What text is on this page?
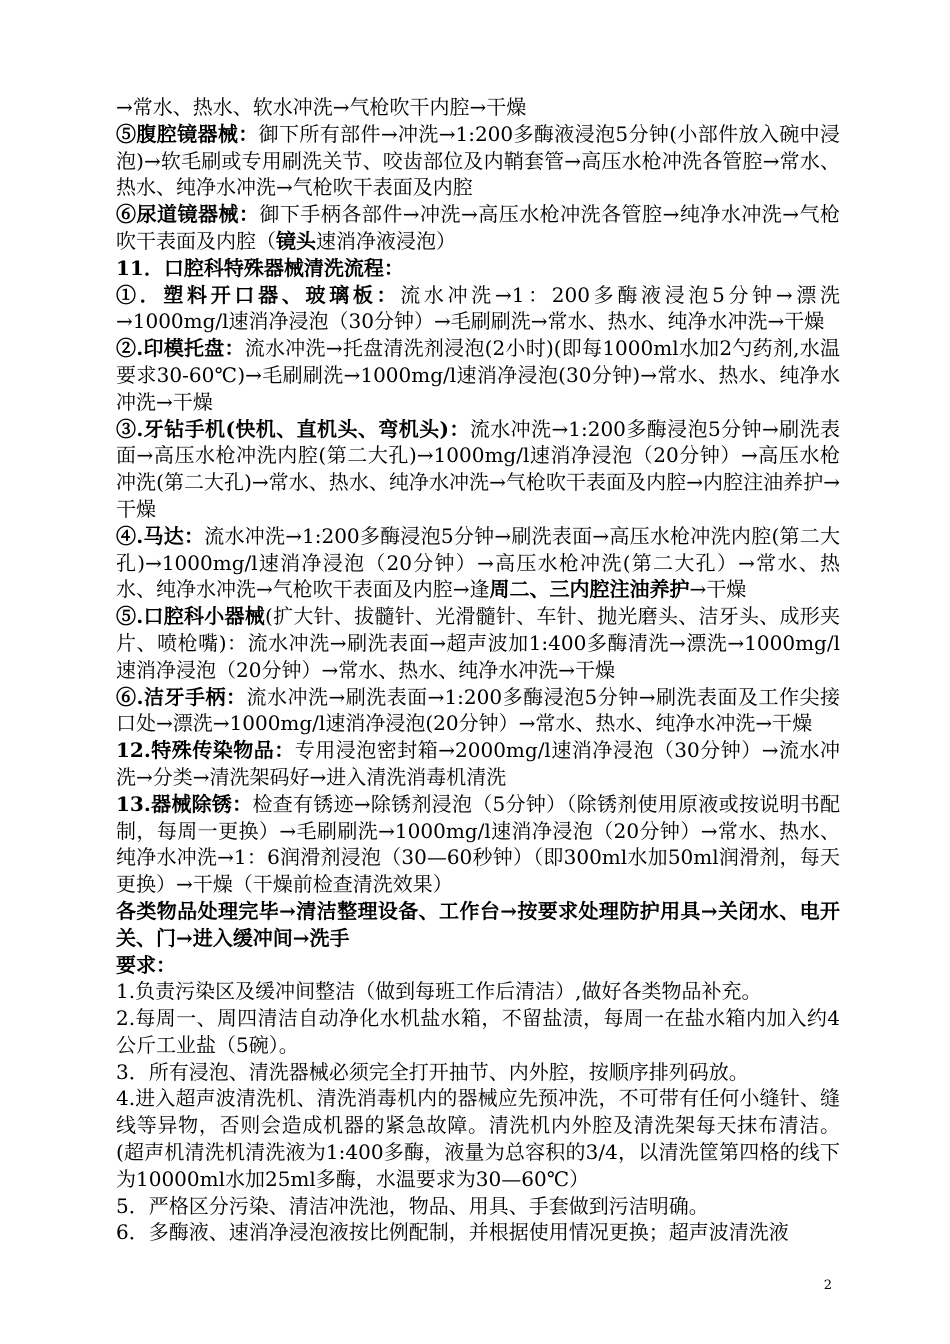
→常水、热水、软水冲洗→气枪吹干内腔→干燥

⑤腹腔镜器械：御下所有部件→冲洗→1:200多酶液浸泡5分钟(小部件放入碗中浸泡)→软毛刷或专用刷洗关节、咬齿部位及内鞘套管→高压水枪冲洗各管腔→常水、热水、纯净水冲洗→气枪吹干表面及内腔

⑥尿道镜器械：御下手柄各部件→冲洗→高压水枪冲洗各管腔→纯净水冲洗→气枪吹干表面及内腔（镜头速消净液浸泡）

11．口腔科特殊器械清洗流程：

①．塑料开口器、玻璃板：流水冲洗→1：200多酶液浸泡5分钟→漂洗→1000mg/l速消净浸泡（30分钟）→毛刷刷洗→常水、热水、纯净水冲洗→干燥

②.印模托盘：流水冲洗→托盘清洗剂浸泡(2小时)(即每1000ml水加2勺药剂,水温要求30-60℃)→毛刷刷洗→1000mg/l速消净浸泡(30分钟)→常水、热水、纯净水冲洗→干燥

③.牙钻手机(快机、直机头、弯机头)：流水冲洗→1:200多酶浸泡5分钟→刷洗表面→高压水枪冲洗内腔(第二大孔)→1000mg/l速消净浸泡（20分钟）→高压水枪冲洗(第二大孔)→常水、热水、纯净水冲洗→气枪吹干表面及内腔→内腔注油养护→干燥

④.马达：流水冲洗→1:200多酶浸泡5分钟→刷洗表面→高压水枪冲洗内腔(第二大孔)→1000mg/l速消净浸泡（20分钟）→高压水枪冲洗(第二大孔）→常水、热水、纯净水冲洗→气枪吹干表面及内腔→逢周二、三内腔注油养护→干燥

⑤.口腔科小器械(扩大针、拔髓针、光滑髓针、车针、抛光磨头、洁牙头、成形夹片、喷枪嘴)：流水冲洗→刷洗表面→超声波加1:400多酶清洗→漂洗→1000mg/l速消净浸泡（20分钟）→常水、热水、纯净水冲洗→干燥

⑥.洁牙手柄：流水冲洗→刷洗表面→1:200多酶浸泡5分钟→刷洗表面及工作尖接口处→漂洗→1000mg/l速消净浸泡(20分钟）→常水、热水、纯净水冲洗→干燥

12.特殊传染物品：专用浸泡密封箱→2000mg/l速消净浸泡（30分钟）→流水冲洗→分类→清洗架码好→进入清洗消毒机清洗

13.器械除锈：检查有锈迹→除锈剂浸泡（5分钟）（除锈剂使用原液或按说明书配制，每周一更换）→毛刷刷洗→1000mg/l速消净浸泡（20分钟）→常水、热水、纯净水冲洗→1：6润滑剂浸泡（30—60秒钟）（即300ml水加50ml润滑剂，每天更换）→干燥（干燥前检查清洗效果）

各类物品处理完毕→清洁整理设备、工作台→按要求处理防护用具→关闭水、电开关、门→进入缓冲间→洗手

要求：

1.负责污染区及缓冲间整洁（做到每班工作后清洁）,做好各类物品补充。

2.每周一、周四清洁自动净化水机盐水箱，不留盐渍，每周一在盐水箱内加入约4公斤工业盐（5碗）。

3．所有浸泡、清洗器械必须完全打开抽节、内外腔，按顺序排列码放。

4.进入超声波清洗机、清洗消毒机内的器械应先预冲洗，不可带有任何小缝针、缝线等异物，否则会造成机器的紧急故障。清洗机内外腔及清洗架每天抹布清洁。(超声机清洗机清洗液为1:400多酶，液量为总容积的3/4，以清洗筐第四格的线下为10000ml水加25ml多酶，水温要求为30—60℃）

5．严格区分污染、清洁冲洗池，物品、用具、手套做到污洁明确。

6．多酶液、速消净浸泡液按比例配制，并根据使用情况更换；超声波清洗液

2
